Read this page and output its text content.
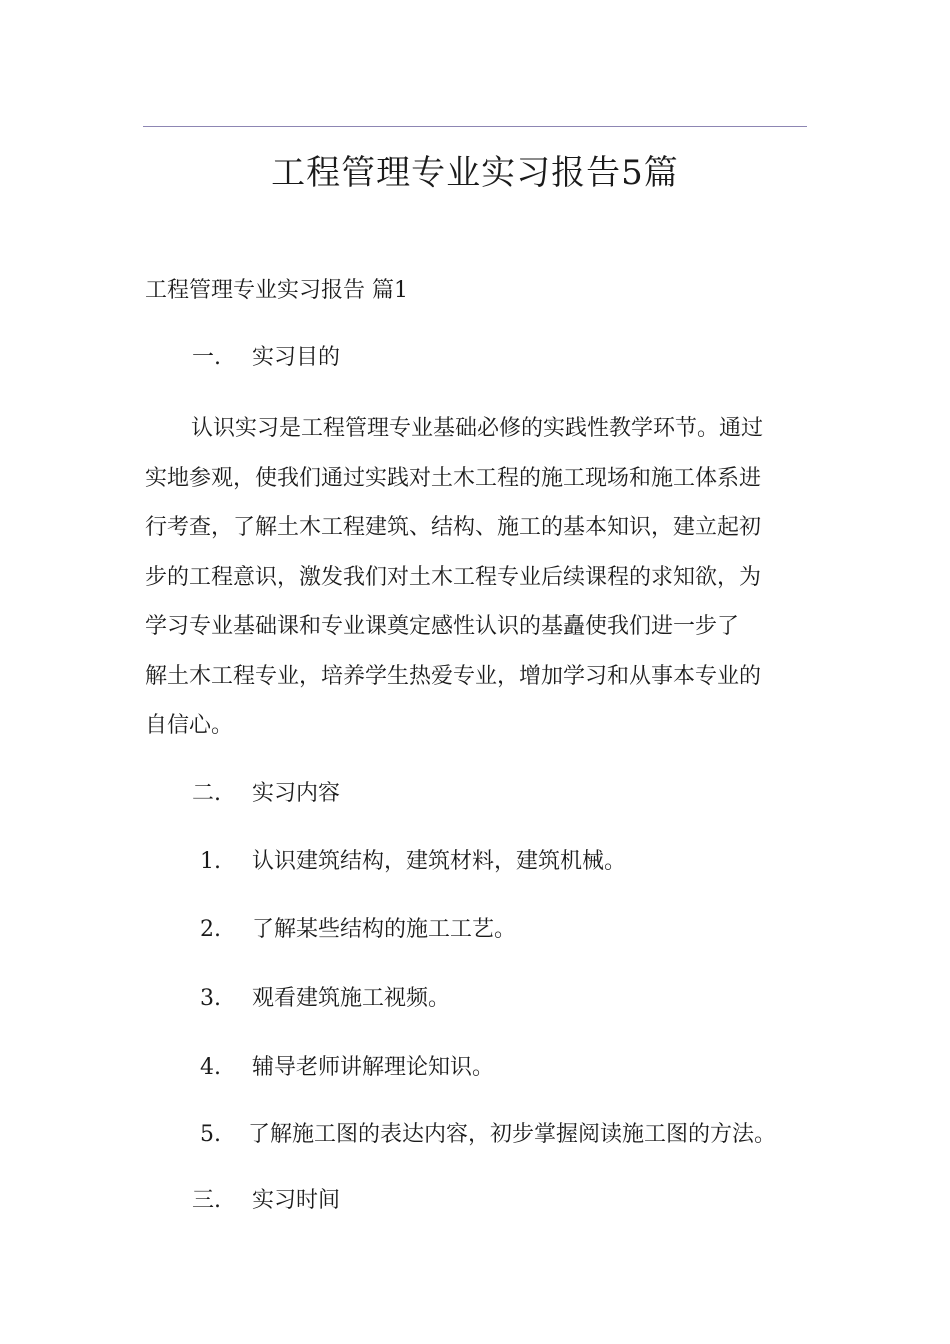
工程管理专业实习报告5篇
工程管理专业实习报告 篇1
一. 实习目的
认识实习是工程管理专业基础必修的实践性教学环节。通过
实地参观，使我们通过实践对土木工程的施工现场和施工体系进
行考查，了解土木工程建筑、结构、施工的基本知识，建立起初
步的工程意识，激发我们对土木工程专业后续课程的求知欲，为
学习专业基础课和专业课奠定感性认识的基矗使我们进一步了
解土木工程专业，培养学生热爱专业，增加学习和从事本专业的
自信心。
二. 实习内容
1. 认识建筑结构，建筑材料，建筑机械。
2. 了解某些结构的施工工艺。
3. 观看建筑施工视频。
4. 辅导老师讲解理论知识。
5. 了解施工图的表达内容，初步掌握阅读施工图的方法。
三. 实习时间
